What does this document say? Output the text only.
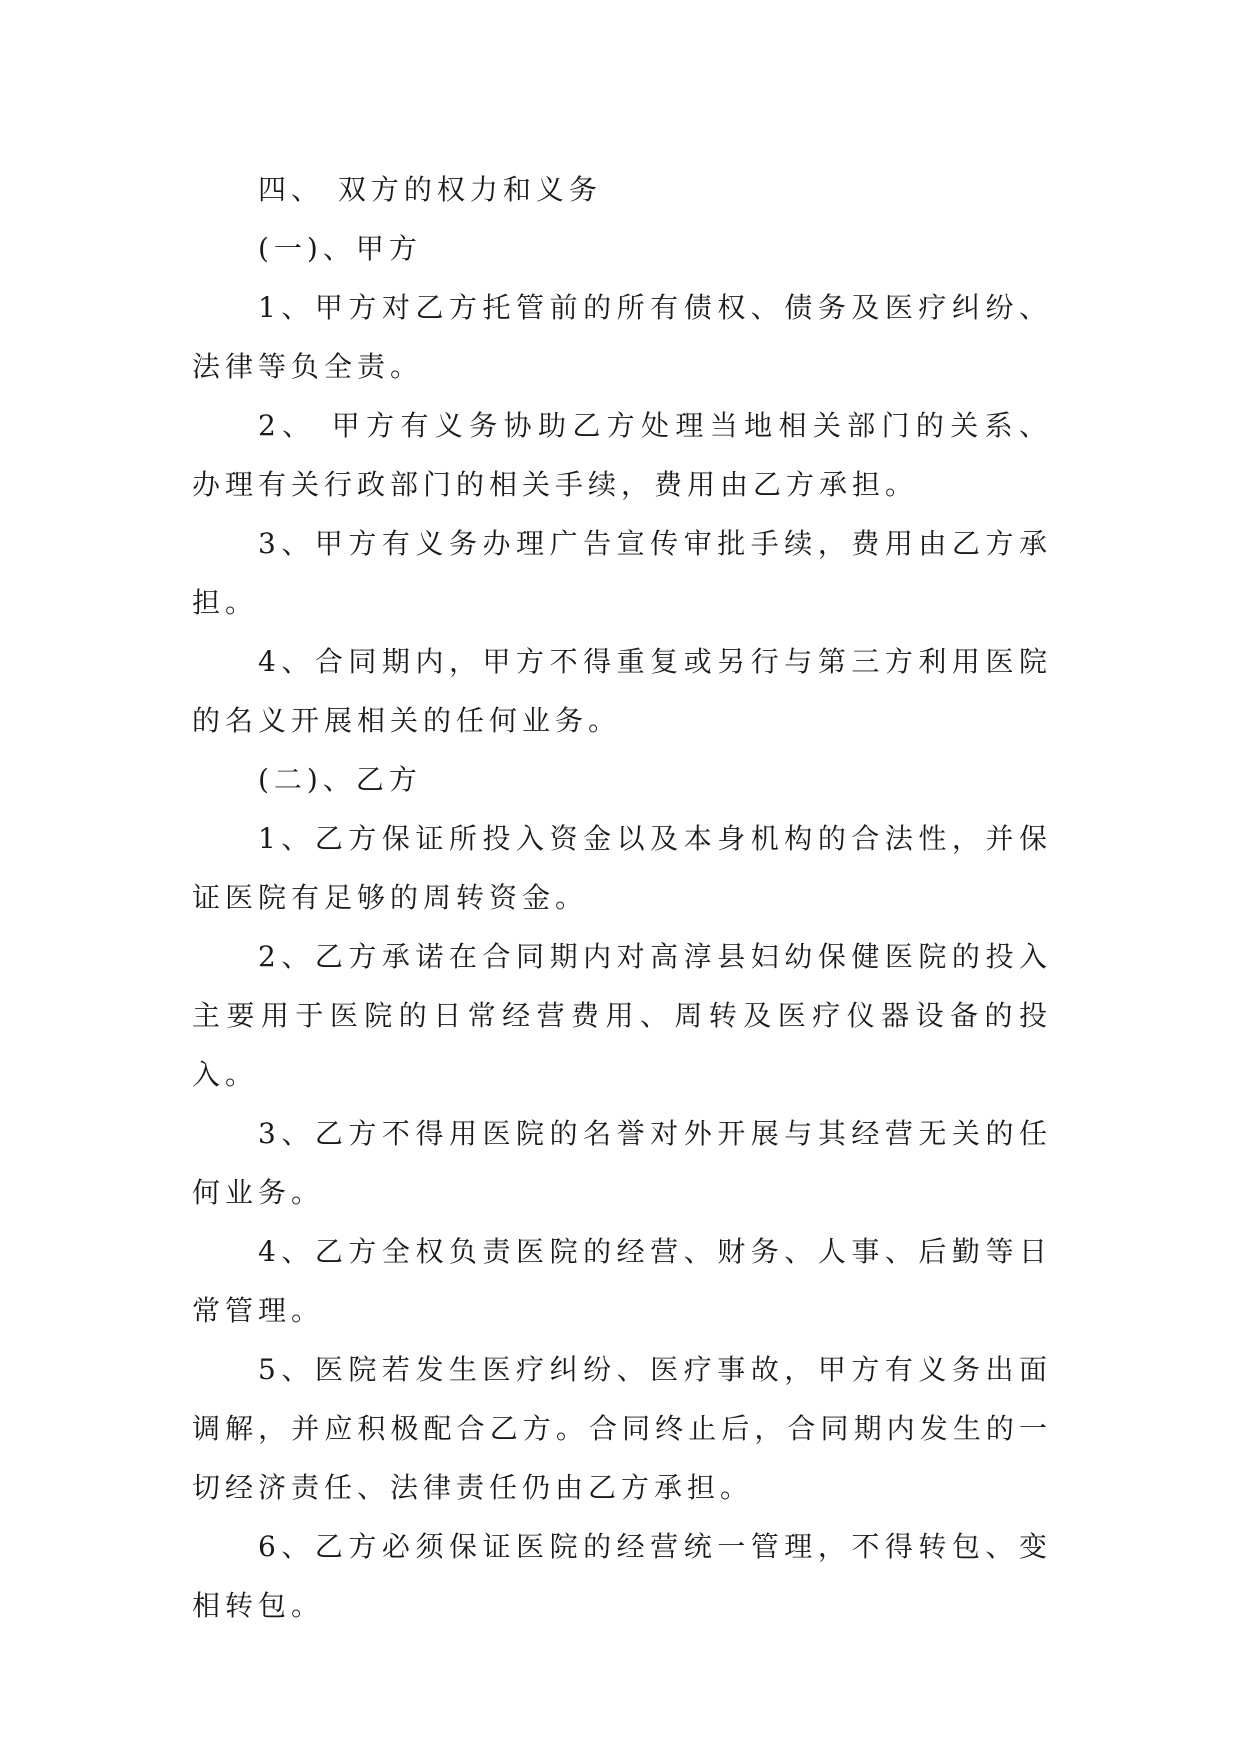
四、 双方的权力和义务

(一)、甲方

1、甲方对乙方托管前的所有债权、债务及医疗纠纷、法律等负全责。

2、 甲方有义务协助乙方处理当地相关部门的关系、办理有关行政部门的相关手续，费用由乙方承担。

3、甲方有义务办理广告宣传审批手续，费用由乙方承担。

4、合同期内，甲方不得重复或另行与第三方利用医院的名义开展相关的任何业务。

(二)、乙方

1、乙方保证所投入资金以及本身机构的合法性，并保证医院有足够的周转资金。

2、乙方承诺在合同期内对高淳县妇幼保健医院的投入主要用于医院的日常经营费用、周转及医疗仪器设备的投入。

3、乙方不得用医院的名誉对外开展与其经营无关的任何业务。

4、乙方全权负责医院的经营、财务、人事、后勤等日常管理。

5、医院若发生医疗纠纷、医疗事故，甲方有义务出面调解，并应积极配合乙方。合同终止后，合同期内发生的一切经济责任、法律责任仍由乙方承担。

6、乙方必须保证医院的经营统一管理，不得转包、变相转包。
